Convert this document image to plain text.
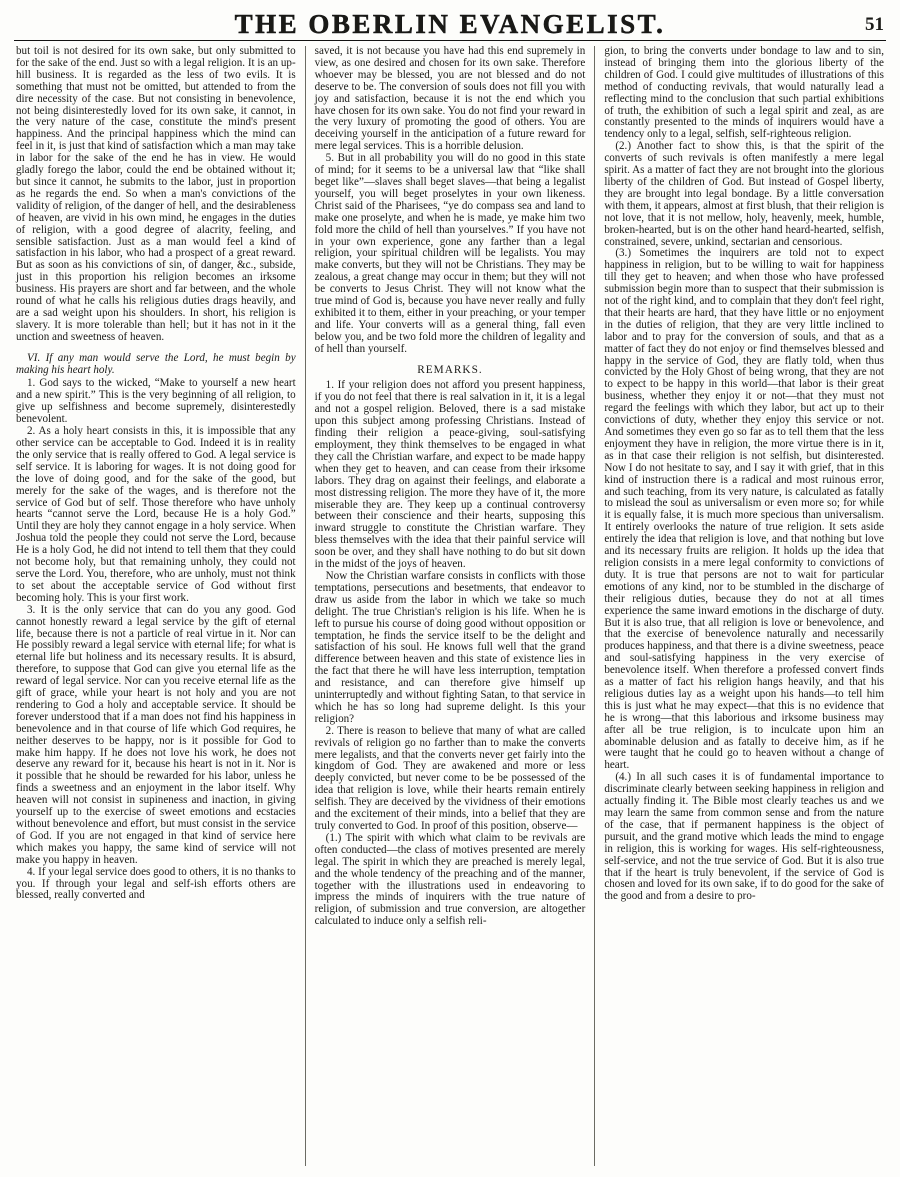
THE OBERLIN EVANGELIST.	51

but toil is not desired for its own sake, but only submitted to for the sake of the end. Just so with a legal religion. It is an up-hill business. It is regarded as the less of two evils. It is something that must not be omitted, but attended to from the dire necessity of the case. But not consisting in benevolence, not being disinterestedly loved for its own sake, it cannot, in the very nature of the case, constitute the mind's present happiness. And the principal happiness which the mind can feel in it, is just that kind of satisfaction which a man may take in labor for the sake of the end he has in view. He would gladly forego the labor, could the end be obtained without it; but since it cannot, he submits to the labor, just in proportion as he regards the end. So when a man's convictions of the validity of religion, of the danger of hell, and the desirableness of heaven, are vivid in his own mind, he engages in the duties of religion, with a good degree of alacrity, feeling, and sensible satisfaction. Just as a man would feel a kind of satisfaction in his labor, who had a prospect of a great reward. But as soon as his convictions of sin, of danger, &c., subside, just in this proportion his religion becomes an irksome business. His prayers are short and far between, and the whole round of what he calls his religious duties drags heavily, and are a sad weight upon his shoulders. In short, his religion is slavery. It is more tolerable than hell; but it has not in it the unction and sweetness of heaven.

VI. If any man would serve the Lord, he must begin by making his heart holy.

1. God says to the wicked, “Make to yourself a new heart and a new spirit.” This is the very beginning of all religion, to give up selfishness and become supremely, disinterestedly benevolent.

2. As a holy heart consists in this, it is impossible that any other service can be acceptable to God. Indeed it is in reality the only service that is really offered to God. A legal service is self service. It is laboring for wages. It is not doing good for the love of doing good, and for the sake of the good, but merely for the sake of the wages, and is therefore not the service of God but of self. Those therefore who have unholy hearts “cannot serve the Lord, because He is a holy God.” Until they are holy they cannot engage in a holy service. When Joshua told the people they could not serve the Lord, because He is a holy God, he did not intend to tell them that they could not become holy, but that remaining unholy, they could not serve the Lord. You, therefore, who are unholy, must not think to set about the acceptable service of God without first becoming holy. This is your first work.

3. It is the only service that can do you any good. God cannot honestly reward a legal service by the gift of eternal life, because there is not a particle of real virtue in it. Nor can He possibly reward a legal service with eternal life; for what is eternal life but holiness and its necessary results. It is absurd, therefore, to suppose that God can give you eternal life as the reward of legal service. Nor can you receive eternal life as the gift of grace, while your heart is not holy and you are not rendering to God a holy and acceptable service. It should be forever understood that if a man does not find his happiness in benevolence and in that course of life which God requires, he neither deserves to be happy, nor is it possible for God to make him happy. If he does not love his work, he does not deserve any reward for it, because his heart is not in it. Nor is it possible that he should be rewarded for his labor, unless he finds a sweetness and an enjoyment in the labor itself. Why heaven will not consist in supineness and inaction, in giving yourself up to the exercise of sweet emotions and ecstacies without benevolence and effort, but must consist in the service of God. If you are not engaged in that kind of service here which makes you happy, the same kind of service will not make you happy in heaven.

4. If your legal service does good to others, it is no thanks to you. If through your legal and self-ish efforts others are blessed, really converted and

saved, it is not because you have had this end supremely in view, as one desired and chosen for its own sake. Therefore whoever may be blessed, you are not blessed and do not deserve to be. The conversion of souls does not fill you with joy and satisfaction, because it is not the end which you have chosen for its own sake. You do not find your reward in the very luxury of promoting the good of others. You are deceiving yourself in the anticipation of a future reward for mere legal services. This is a horrible delusion.

5. But in all probability you will do no good in this state of mind; for it seems to be a universal law that “like shall beget like”—slaves shall beget slaves—that being a legalist yourself, you will beget proselytes in your own likeness. Christ said of the Pharisees, “ye do compass sea and land to make one proselyte, and when he is made, ye make him two fold more the child of hell than yourselves.” If you have not in your own experience, gone any farther than a legal religion, your spiritual children will be legalists. You may make converts, but they will not be Christians. They may be zealous, a great change may occur in them; but they will not be converts to Jesus Christ. They will not know what the true mind of God is, because you have never really and fully exhibited it to them, either in your preaching, or your temper and life. Your converts will as a general thing, fall even below you, and be two fold more the children of legality and of hell than yourself.

REMARKS.

1. If your religion does not afford you present happiness, if you do not feel that there is real salvation in it, it is a legal and not a gospel religion. Beloved, there is a sad mistake upon this subject among professing Christians. Instead of finding their religion a peace-giving, soul-satisfying employment, they think themselves to be engaged in what they call the Christian warfare, and expect to be made happy when they get to heaven, and can cease from their irksome labors. They drag on against their feelings, and elaborate a most distressing religion. The more they have of it, the more miserable they are. They keep up a continual controversy between their conscience and their hearts, supposing this inward struggle to constitute the Christian warfare. They bless themselves with the idea that their painful service will soon be over, and they shall have nothing to do but sit down in the midst of the joys of heaven.

Now the Christian warfare consists in conflicts with those temptations, persecutions and besetments, that endeavor to draw us aside from the labor in which we take so much delight. The true Christian's religion is his life. When he is left to pursue his course of doing good without opposition or temptation, he finds the service itself to be the delight and satisfaction of his soul. He knows full well that the grand difference between heaven and this state of existence lies in the fact that there he will have less interruption, temptation and resistance, and can therefore give himself up uninterruptedly and without fighting Satan, to that service in which he has so long had supreme delight. Is this your religion?

2. There is reason to believe that many of what are called revivals of religion go no farther than to make the converts mere legalists, and that the converts never get fairly into the kingdom of God. They are awakened and more or less deeply convicted, but never come to be be possessed of the idea that religion is love, while their hearts remain entirely selfish. They are deceived by the vividness of their emotions and the excitement of their minds, into a belief that they are truly converted to God. In proof of this position, observe—

(1.) The spirit with which what claim to be revivals are often conducted—the class of motives presented are merely legal. The spirit in which they are preached is merely legal, and the whole tendency of the preaching and of the manner, together with the illustrations used in endeavoring to impress the minds of inquirers with the true nature of religion, of submission and true conversion, are altogether calculated to induce only a selfish reli-

gion, to bring the converts under bondage to law and to sin, instead of bringing them into the glorious liberty of the children of God. I could give multitudes of illustrations of this method of conducting revivals, that would naturally lead a reflecting mind to the conclusion that such partial exhibitions of truth, the exhibition of such a legal spirit and zeal, as are constantly presented to the minds of inquirers would have a tendency only to a legal, selfish, self-righteous religion.

(2.) Another fact to show this, is that the spirit of the converts of such revivals is often manifestly a mere legal spirit. As a matter of fact they are not brought into the glorious liberty of the children of God. But instead of Gospel liberty, they are brought into legal bondage. By a little conversation with them, it appears, almost at first blush, that their religion is not love, that it is not mellow, holy, heavenly, meek, humble, broken-hearted, but is on the other hand heard-hearted, selfish, constrained, severe, unkind, sectarian and censorious.

(3.) Sometimes the inquirers are told not to expect happiness in religion, but to be willing to wait for happiness till they get to heaven; and when those who have professed submission begin more than to suspect that their submission is not of the right kind, and to complain that they don't feel right, that their hearts are hard, that they have little or no enjoyment in the duties of religion, that they are very little inclined to labor and to pray for the conversion of souls, and that as a matter of fact they do not enjoy or find themselves blessed and happy in the service of God, they are flatly told, when thus convicted by the Holy Ghost of being wrong, that they are not to expect to be happy in this world—that labor is their great business, whether they enjoy it or not—that they must not regard the feelings with which they labor, but act up to their convictions of duty, whether they enjoy this service or not. And sometimes they even go so far as to tell them that the less enjoyment they have in religion, the more virtue there is in it, as in that case their religion is not selfish, but disinterested. Now I do not hesitate to say, and I say it with grief, that in this kind of instruction there is a radical and most ruinous error, and such teaching, from its very nature, is calculated as fatally to mislead the soul as universalism or even more so; for while it is equally false, it is much more specious than universalism. It entirely overlooks the nature of true religion. It sets aside entirely the idea that religion is love, and that nothing but love and its necessary fruits are religion. It holds up the idea that religion consists in a mere legal conformity to convictions of duty. It is true that persons are not to wait for particular emotions of any kind, nor to be stumbled in the discharge of their religious duties, because they do not at all times experience the same inward emotions in the discharge of duty. But it is also true, that all religion is love or benevolence, and that the exercise of benevolence naturally and necessarily produces happiness, and that there is a divine sweetness, peace and soul-satisfying happiness in the very exercise of benevolence itself. When therefore a professed convert finds as a matter of fact his religion hangs heavily, and that his religious duties lay as a weight upon his hands—to tell him this is just what he may expect—that this is no evidence that he is wrong—that this laborious and irksome business may after all be true religion, is to inculcate upon him an abominable delusion and as fatally to deceive him, as if he were taught that he could go to heaven without a change of heart.

(4.) In all such cases it is of fundamental importance to discriminate clearly between seeking happiness in religion and actually finding it. The Bible most clearly teaches us and we may learn the same from common sense and from the nature of the case, that if permanent happiness is the object of pursuit, and the grand motive which leads the mind to engage in religion, this is working for wages. His self-righteousness, self-service, and not the true service of God. But it is also true that if the heart is truly benevolent, if the service of God is chosen and loved for its own sake, if to do good for the sake of the good and from a desire to pro-
